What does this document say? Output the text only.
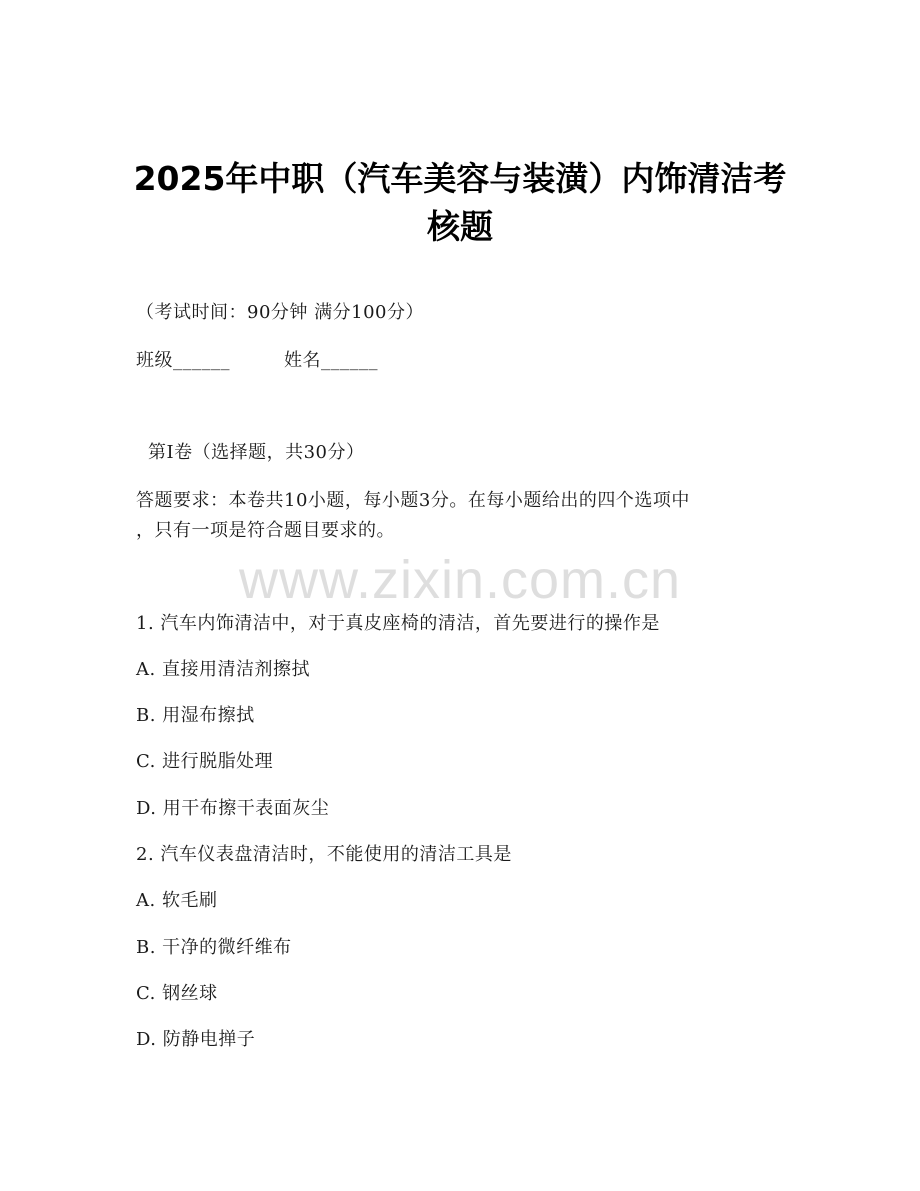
2025年中职（汽车美容与装潢）内饰清洁考
核题
（考试时间：90分钟 满分100分）
班级______	姓名______
第I卷（选择题，共30分）
答题要求：本卷共10小题，每小题3分。在每小题给出的四个选项中
，只有一项是符合题目要求的。
www.zixin.com.cn
1. 汽车内饰清洁中，对于真皮座椅的清洁，首先要进行的操作是
A. 直接用清洁剂擦拭
B. 用湿布擦拭
C. 进行脱脂处理
D. 用干布擦干表面灰尘
2. 汽车仪表盘清洁时，不能使用的清洁工具是
A. 软毛刷
B. 干净的微纤维布
C. 钢丝球
D. 防静电掸子
